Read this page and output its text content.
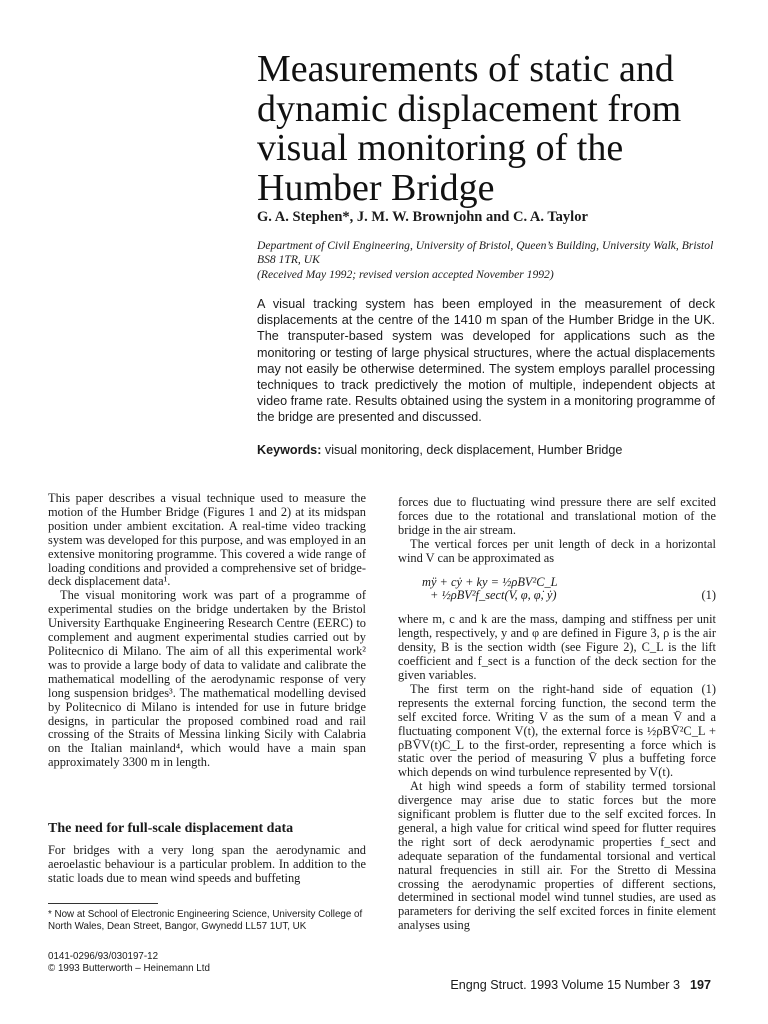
Measurements of static and
dynamic displacement from
visual monitoring of the
Humber Bridge

G. A. Stephen*, J. M. W. Brownjohn and C. A. Taylor

Department of Civil Engineering, University of Bristol, Queen’s Building, University Walk, Bristol BS8 1TR, UK

(Received May 1992; revised version accepted November 1992)

A visual tracking system has been employed in the measurement of deck displacements at the centre of the 1410 m span of the Humber Bridge in the UK. The transputer-based system was developed for applications such as the monitoring or testing of large physical structures, where the actual displacements may not easily be otherwise determined. The system employs parallel processing techniques to track predictively the motion of multiple, independent objects at video frame rate. Results obtained using the system in a monitoring programme of the bridge are presented and discussed.

Keywords: visual monitoring, deck displacement, Humber Bridge

This paper describes a visual technique used to measure the motion of the Humber Bridge (Figures 1 and 2) at its midspan position under ambient excitation. A real-time video tracking system was developed for this purpose, and was employed in an extensive monitoring programme. This covered a wide range of loading conditions and provided a comprehensive set of bridge-deck displacement data¹.

The visual monitoring work was part of a programme of experimental studies on the bridge undertaken by the Bristol University Earthquake Engineering Research Centre (EERC) to complement and augment experimental studies carried out by Politecnico di Milano. The aim of all this experimental work² was to provide a large body of data to validate and calibrate the mathematical modelling of the aerodynamic response of very long suspension bridges³. The mathematical modelling devised by Politecnico di Milano is intended for use in future bridge designs, in particular the proposed combined road and rail crossing of the Straits of Messina linking Sicily with Calabria on the Italian mainland⁴, which would have a main span approximately 3300 m in length.

The need for full-scale displacement data

For bridges with a very long span the aerodynamic and aeroelastic behaviour is a particular problem. In addition to the static loads due to mean wind speeds and buffeting

forces due to fluctuating wind pressure there are self excited forces due to the rotational and translational motion of the bridge in the air stream.

The vertical forces per unit length of deck in a horizontal wind V can be approximated as

mÿ + cẏ + ky = ½ρBV²C_L
+ ½ρBV²f_sect(V, φ, φ̇, ẏ)	(1)

where m, c and k are the mass, damping and stiffness per unit length, respectively, y and φ are defined in Figure 3, ρ is the air density, B is the section width (see Figure 2), C_L is the lift coefficient and f_sect is a function of the deck section for the given variables.

The first term on the right-hand side of equation (1) represents the external forcing function, the second term the self excited force. Writing V as the sum of a mean V̄ and a fluctuating component V(t), the external force is ½ρBV̄²C_L + ρBV̄V(t)C_L to the first-order, representing a force which is static over the period of measuring V̄ plus a buffeting force which depends on wind turbulence represented by V(t).

At high wind speeds a form of stability termed torsional divergence may arise due to static forces but the more significant problem is flutter due to the self excited forces. In general, a high value for critical wind speed for flutter requires the right sort of deck aerodynamic properties f_sect and adequate separation of the fundamental torsional and vertical natural frequencies in still air. For the Stretto di Messina crossing the aerodynamic properties of different sections, determined in sectional model wind tunnel studies, are used as parameters for deriving the self excited forces in finite element analyses using

* Now at School of Electronic Engineering Science, University College of North Wales, Dean Street, Bangor, Gwynedd LL57 1UT, UK

0141-0296/93/030197-12
© 1993 Butterworth – Heinemann Ltd

Engng Struct. 1993 Volume 15 Number 3 197
